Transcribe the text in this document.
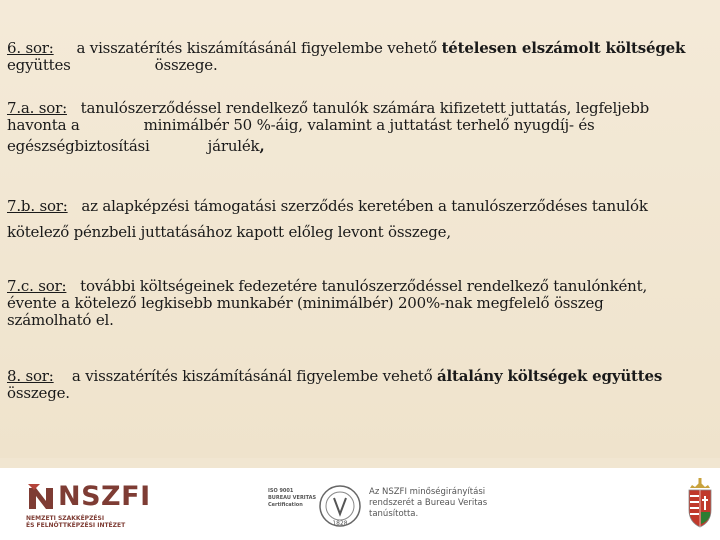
6. sor: a visszatérítés kiszámításánál figyelembe vehető tételesen elszámolt költségek
együttes	összege.
7.a. sor: tanulószerződéssel rendelkező tanulók számára kifizetett juttatás, legfeljebb
havonta a	minimálbér 50 %-áig, valamint a juttatást terhelő nyugdíj- és
egészségbiztosítási	járulék,
7.b. sor: az alapképzési támogatási szerződés keretében a tanulószerződéses tanulók
kötelező pénzbeli juttatásához kapott előleg levont összege,
7.c. sor: további költségeinek fedezetére tanulószerződéssel rendelkező tanulónként,
évente a kötelező legkisebb munkabér (minimálbér) 200%-nak megfelelő összeg
számolható el.
8. sor: a visszatérítés kiszámításánál figyelembe vehető általány költségek együttes
összege.
NSZFI
NEMZETI SZAKKÉPZÉSI
ÉS FELNŐTTKÉPZÉSI INTÉZET
ISO 9001
BUREAU VERITAS
Certification
1828
Az NSZFI minőségirányítási rendszerét a Bureau Veritas tanúsította.
